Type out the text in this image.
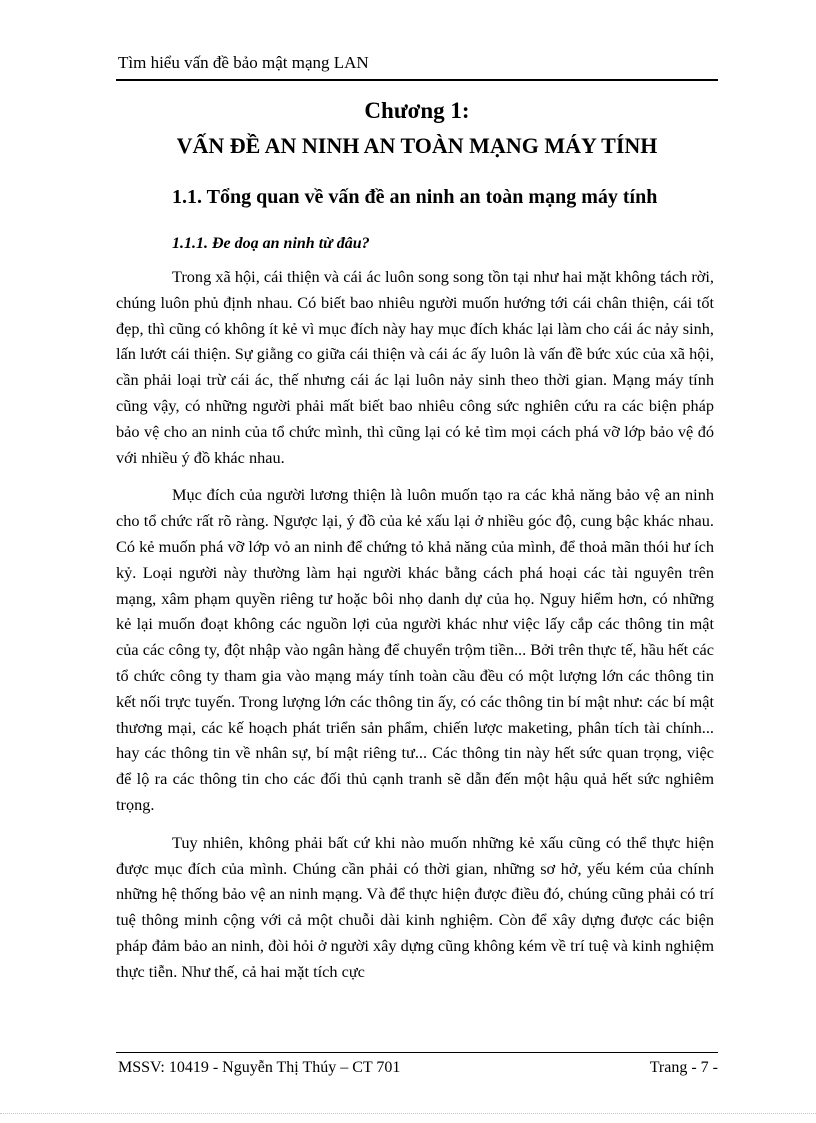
Tìm hiểu vấn đề bảo mật mạng LAN
Chương 1:
VẤN ĐỀ AN NINH AN TOÀN MẠNG MÁY TÍNH
1.1. Tổng quan về vấn đề an ninh an toàn mạng máy tính
1.1.1. Đe doạ an ninh từ đâu?

Trong xã hội, cái thiện và cái ác luôn song song tồn tại như hai mặt không tách rời, chúng luôn phủ định nhau. Có biết bao nhiêu người muốn hướng tới cái chân thiện, cái tốt đẹp, thì cũng có không ít kẻ vì mục đích này hay mục đích khác lại làm cho cái ác nảy sinh, lấn lướt cái thiện. Sự giằng co giữa cái thiện và cái ác ấy luôn là vấn đề bức xúc của xã hội, cần phải loại trừ cái ác, thế nhưng cái ác lại luôn nảy sinh theo thời gian. Mạng máy tính cũng vậy, có những người phải mất biết bao nhiêu công sức nghiên cứu ra các biện pháp bảo vệ cho an ninh của tổ chức mình, thì cũng lại có kẻ tìm mọi cách phá vỡ lớp bảo vệ đó với nhiều ý đồ khác nhau.

Mục đích của người lương thiện là luôn muốn tạo ra các khả năng bảo vệ an ninh cho tổ chức rất rõ ràng. Ngược lại, ý đồ của kẻ xấu lại ở nhiều góc độ, cung bậc khác nhau. Có kẻ muốn phá vỡ lớp vỏ an ninh để chứng tỏ khả năng của mình, để thoả mãn thói hư ích kỷ. Loại người này thường làm hại người khác bằng cách phá hoại các tài nguyên trên mạng, xâm phạm quyền riêng tư hoặc bôi nhọ danh dự của họ. Nguy hiểm hơn, có những kẻ lại muốn đoạt không các nguồn lợi của người khác như việc lấy cắp các thông tin mật của các công ty, đột nhập vào ngân hàng để chuyển trộm tiền... Bởi trên thực tế, hầu hết các tổ chức công ty tham gia vào mạng máy tính toàn cầu đều có một lượng lớn các thông tin kết nối trực tuyến. Trong lượng lớn các thông tin ấy, có các thông tin bí mật như: các bí mật thương mại, các kế hoạch phát triển sản phẩm, chiến lược maketing, phân tích tài chính... hay các thông tin về nhân sự, bí mật riêng tư... Các thông tin này hết sức quan trọng, việc để lộ ra các thông tin cho các đối thủ cạnh tranh sẽ dẫn đến một hậu quả hết sức nghiêm trọng.

Tuy nhiên, không phải bất cứ khi nào muốn những kẻ xấu cũng có thể thực hiện được mục đích của mình. Chúng cần phải có thời gian, những sơ hở, yếu kém của chính những hệ thống bảo vệ an ninh mạng. Và để thực hiện được điều đó, chúng cũng phải có trí tuệ thông minh cộng với cả một chuỗi dài kinh nghiệm. Còn để xây dựng được các biện pháp đảm bảo an ninh, đòi hỏi ở người xây dựng cũng không kém về trí tuệ và kinh nghiệm thực tiễn. Như thế, cả hai mặt tích cực

MSSV: 10419 - Nguyễn Thị Thúy – CT 701	Trang - 7 -
